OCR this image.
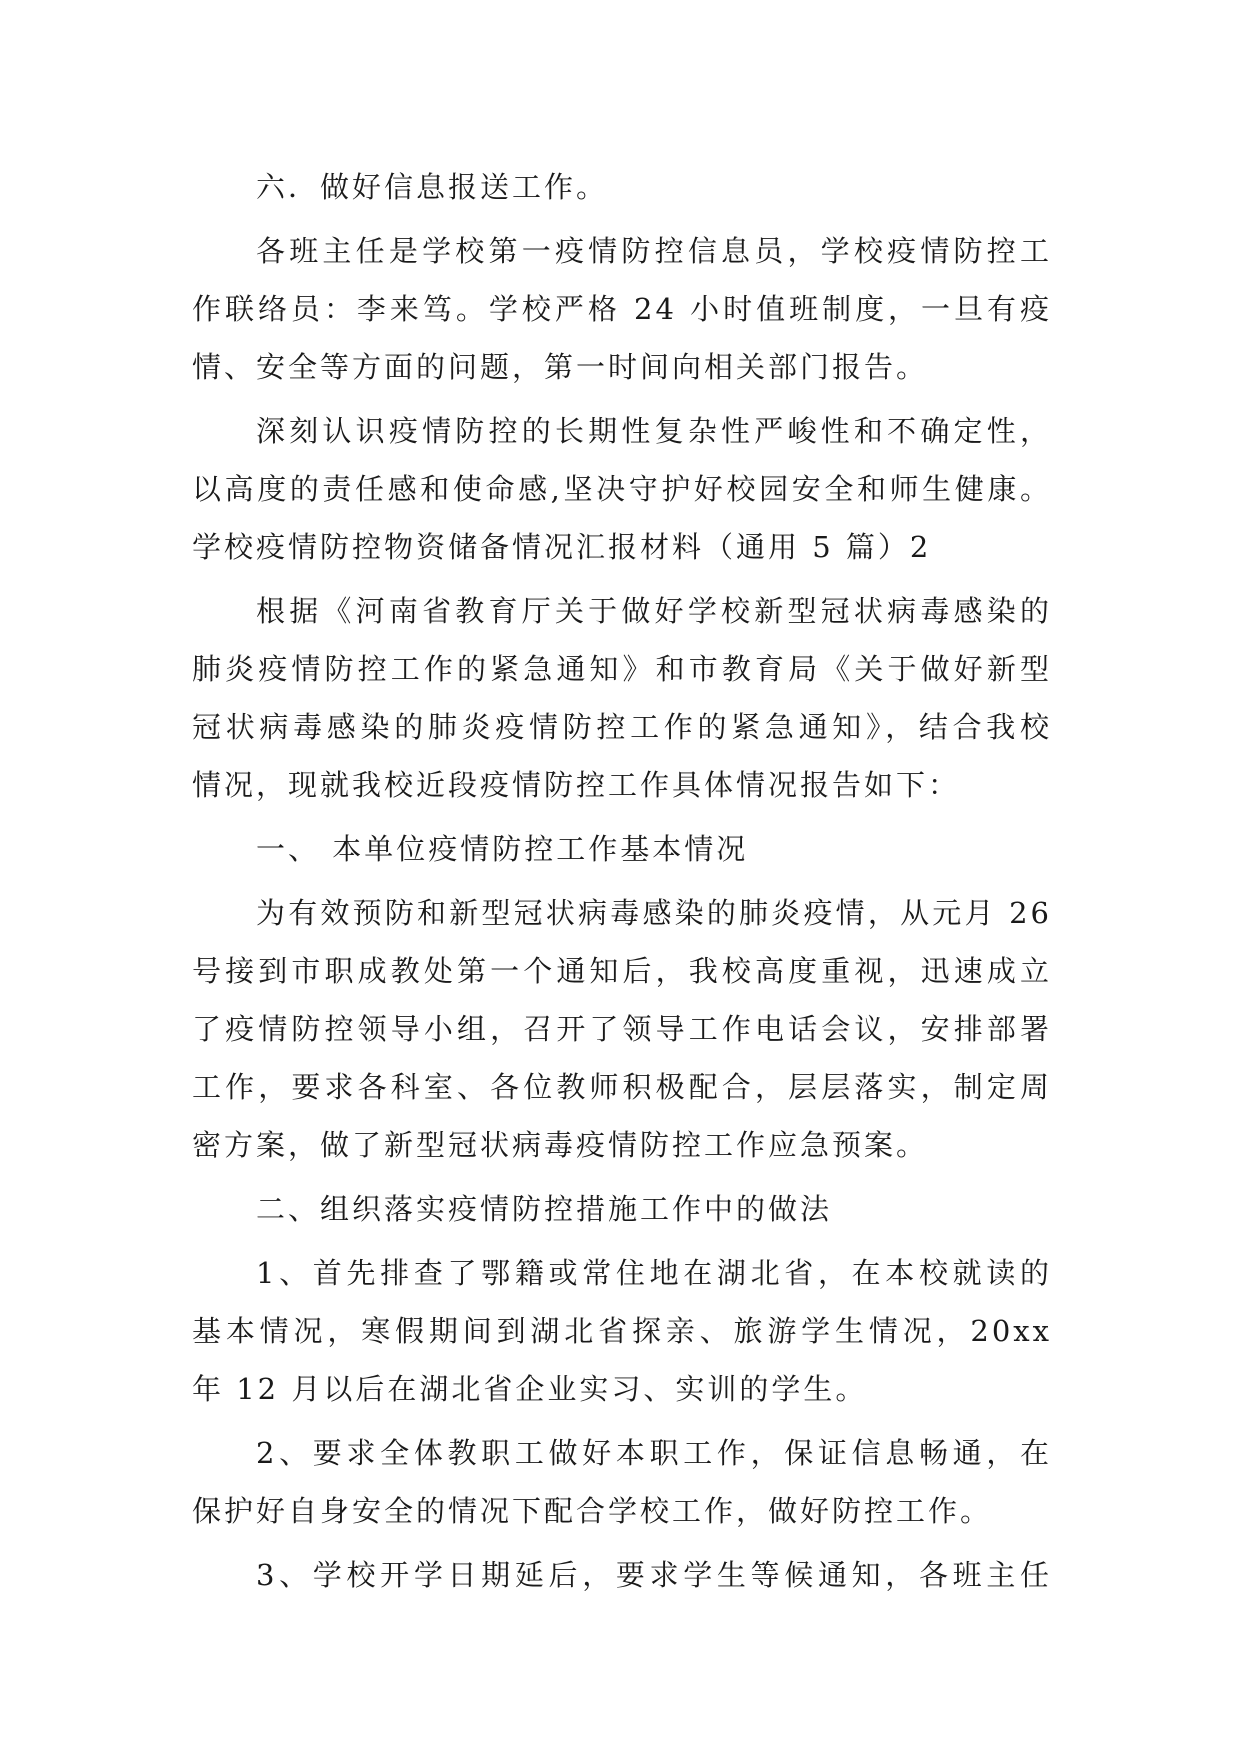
六．做好信息报送工作。
各班主任是学校第一疫情防控信息员，学校疫情防控工
作联络员：李来笃。学校严格 24 小时值班制度，一旦有疫
情、安全等方面的问题，第一时间向相关部门报告。
深刻认识疫情防控的长期性复杂性严峻性和不确定性，
以高度的责任感和使命感,坚决守护好校园安全和师生健康。
学校疫情防控物资储备情况汇报材料（通用 5 篇）2
根据《河南省教育厅关于做好学校新型冠状病毒感染的
肺炎疫情防控工作的紧急通知》和市教育局《关于做好新型
冠状病毒感染的肺炎疫情防控工作的紧急通知》，结合我校
情况，现就我校近段疫情防控工作具体情况报告如下：
一、 本单位疫情防控工作基本情况
为有效预防和新型冠状病毒感染的肺炎疫情，从元月 26
号接到市职成教处第一个通知后，我校高度重视，迅速成立
了疫情防控领导小组，召开了领导工作电话会议，安排部署
工作，要求各科室、各位教师积极配合，层层落实，制定周
密方案，做了新型冠状病毒疫情防控工作应急预案。
二、组织落实疫情防控措施工作中的做法
1、首先排查了鄂籍或常住地在湖北省，在本校就读的
基本情况，寒假期间到湖北省探亲、旅游学生情况，20xx
年 12 月以后在湖北省企业实习、实训的学生。
2、要求全体教职工做好本职工作，保证信息畅通，在
保护好自身安全的情况下配合学校工作，做好防控工作。
3、学校开学日期延后，要求学生等候通知，各班主任
